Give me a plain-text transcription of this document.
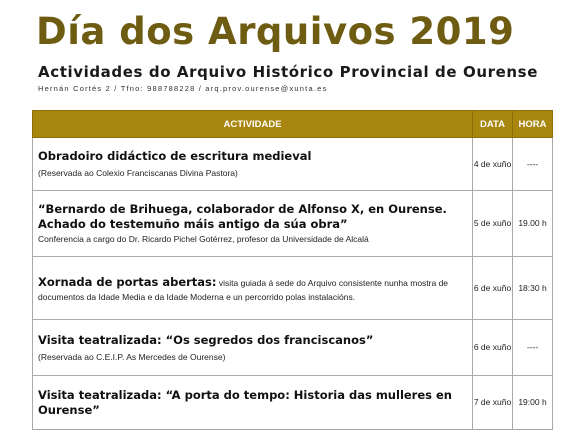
Día dos Arquivos 2019
Actividades do Arquivo Histórico Provincial de Ourense
Hernán Cortés 2 / Tfno: 988788228 / arq.prov.ourense@xunta.es
ACTIVIDADE	DATA	HORA

Obradoiro didáctico de escritura medieval
(Reservada ao Colexio Franciscanas Divina Pastora)	4 de xuño	----

“Bernardo de Brihuega, colaborador de Alfonso X, en Ourense. Achado do testemuño máis antigo da súa obra”
Conferencia a cargo do Dr. Ricardo Pichel Gotérrez, profesor da Universidade de Alcalá	5 de xuño	19.00 h

Xornada de portas abertas: visita guiada á sede do Arquivo consistente nunha mostra de
documentos da Idade Media e da Idade Moderna e un percorrido polas instalacións.	6 de xuño	18:30 h

Visita teatralizada: “Os segredos dos franciscanos”
(Reservada ao C.E.I.P. As Mercedes de Ourense)	6 de xuño	----

Visita teatralizada: “A porta do tempo: Historia das mulleres en Ourense”	7 de xuño	19:00 h
